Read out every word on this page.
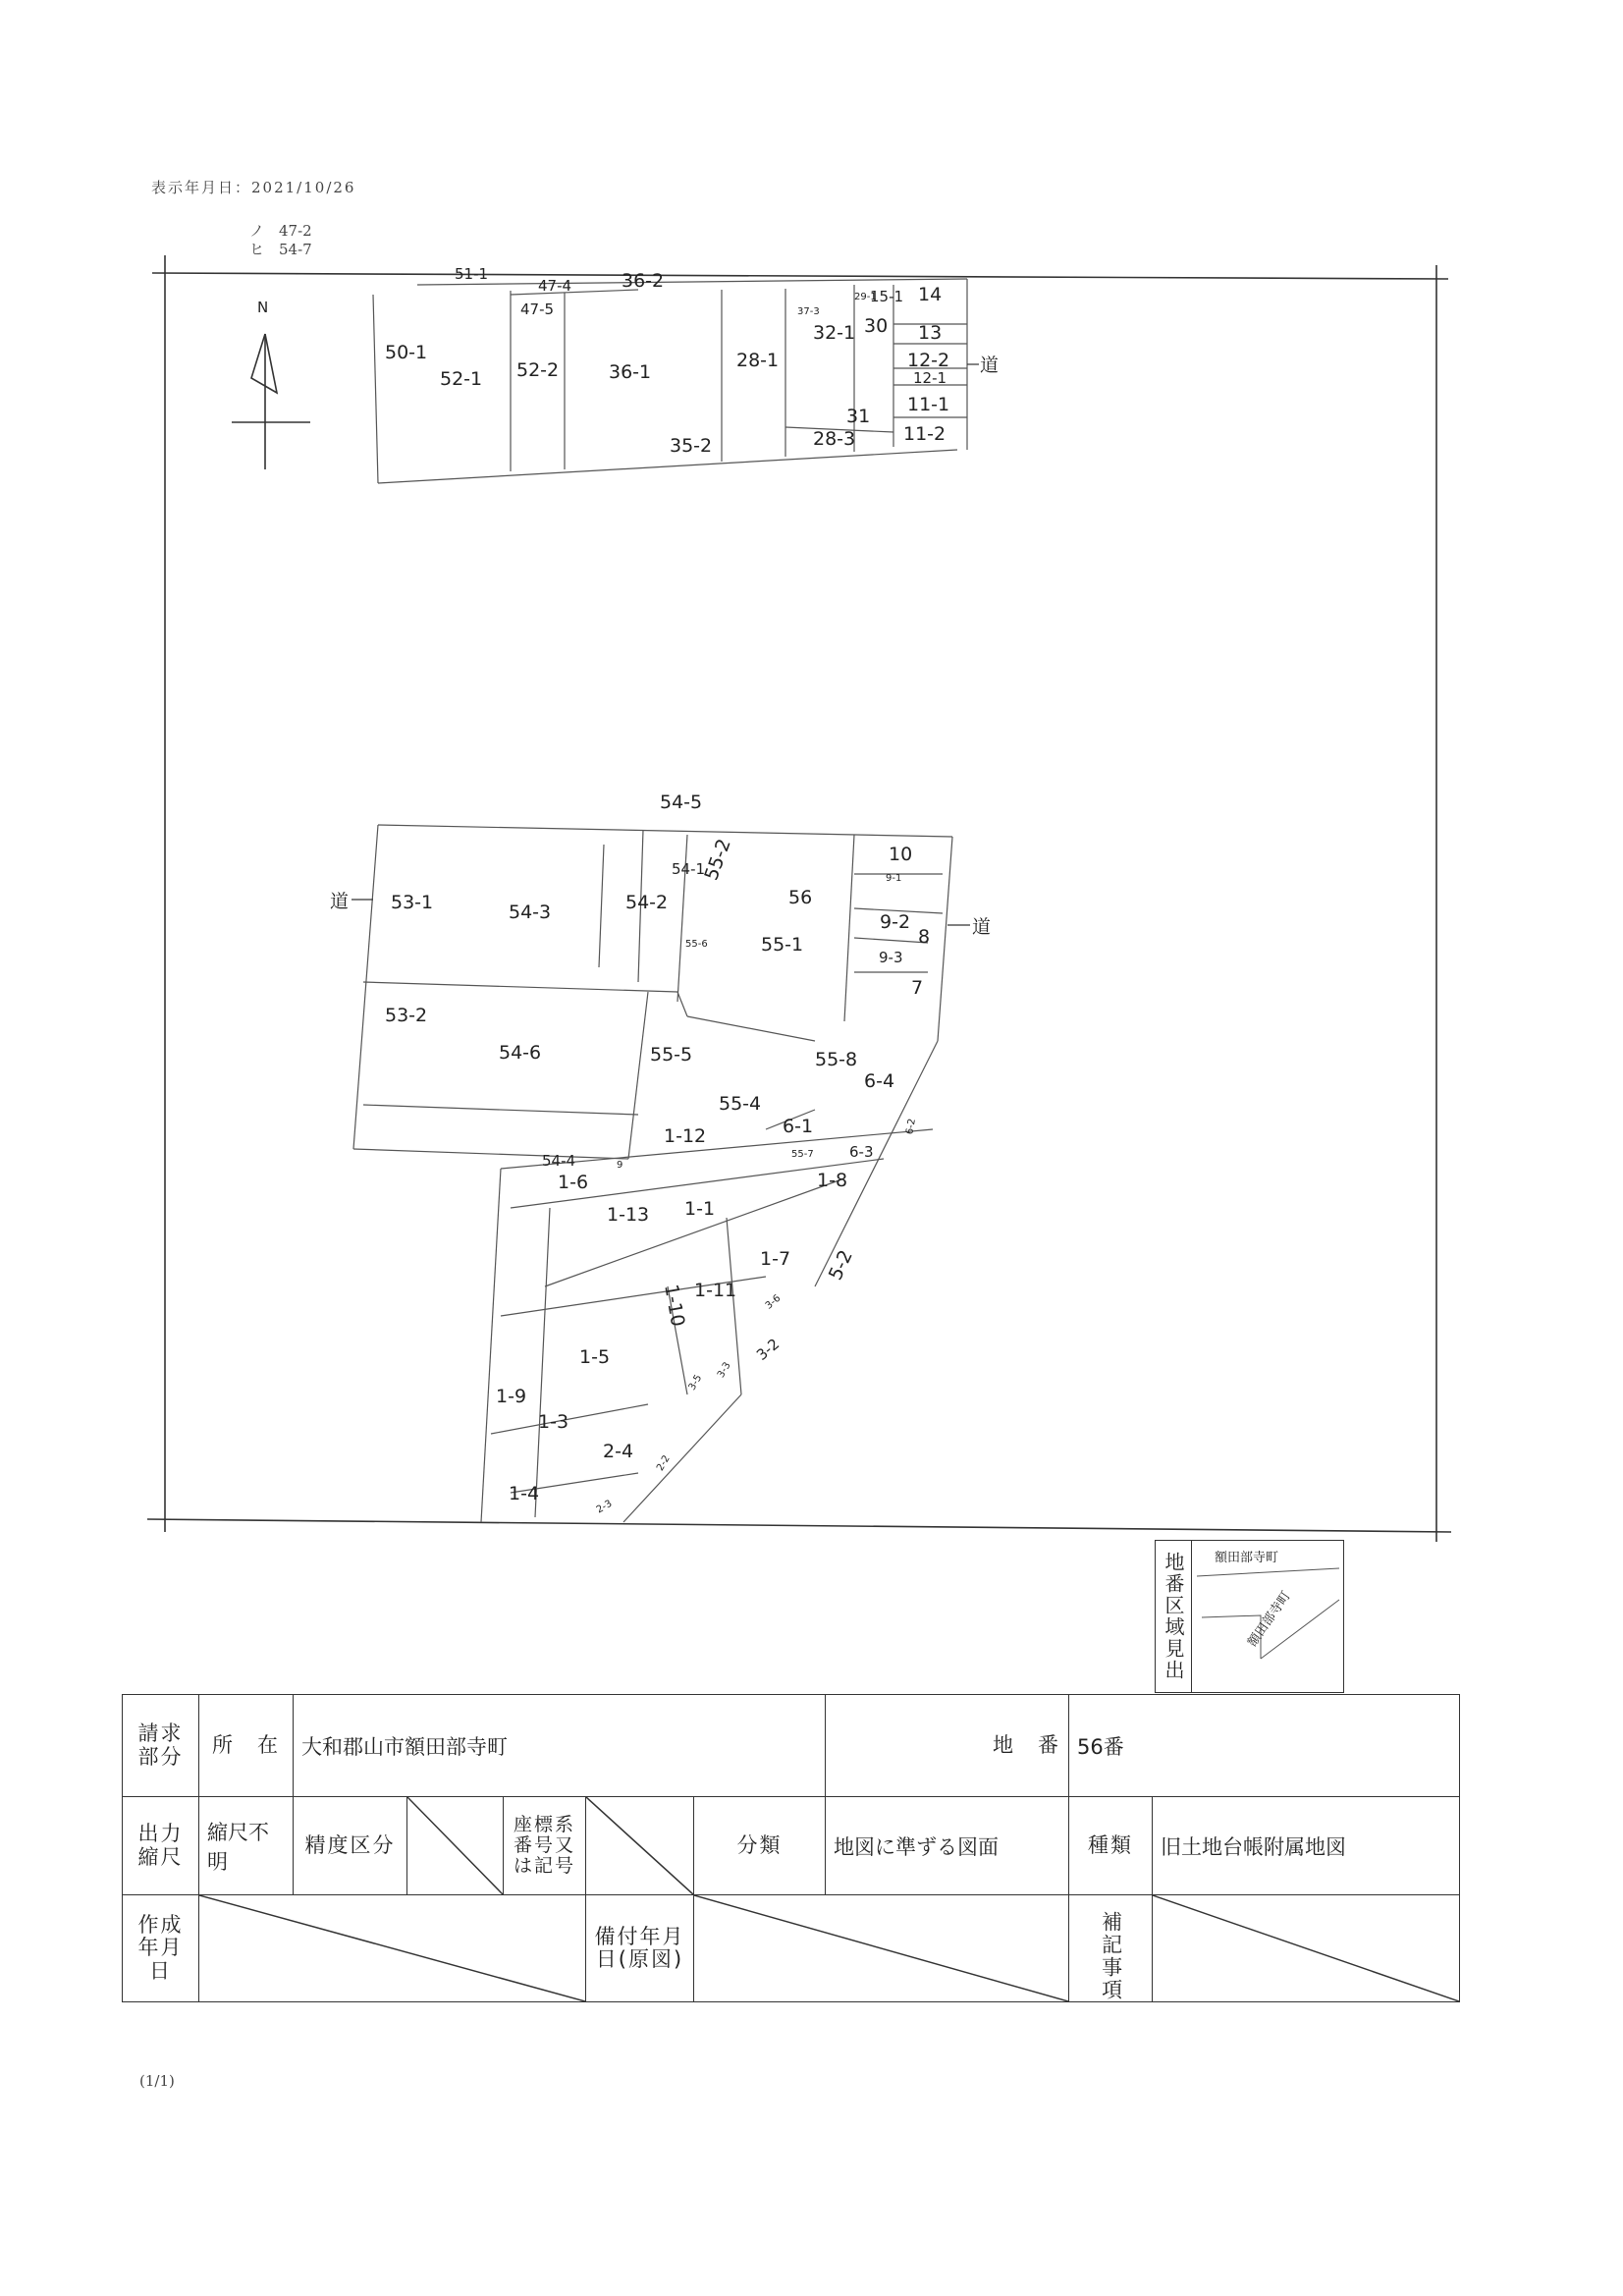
表示年月日：2021/10/26
ノ　47-2
ヒ　54-7
51-1
47-4
47-5
36-2
50-1
52-1 52-2	36-1
28-1
32-1
37-3
29-1
15-1 14
30 13
12-2
12-1
11-1
11-2
31
28-3
35-2
54-5
54-1
55-2	10
9-1
9-2
53-1	54-3	54-2	56
8
55-6	55-1
9-3
7
53-2
54-6	55-5	55-8
6-4
55-4
6-1
1-12
54-4	9
55-7 6-3
6-2
1-6	1-8
1-13 1-1
1-7 5-2
1-11
1-10	3-6
3-2
1-5
3-5
3-3
1-9
1-3
2-4
2-2
1-4
2-3
N
道
道
道
地番区域見出	額田部寺町
額田部寺町
請求部分	所　在	大和郡山市額田部寺町					地　番	56番	
出力縮尺	縮尺不明	精度区分		座標系番号又は記号		分類	地図に準ずる図面	種類	旧土地台帳附属地図
作成年月日					備付年月日(原図)			補記事項	
(1/1)
